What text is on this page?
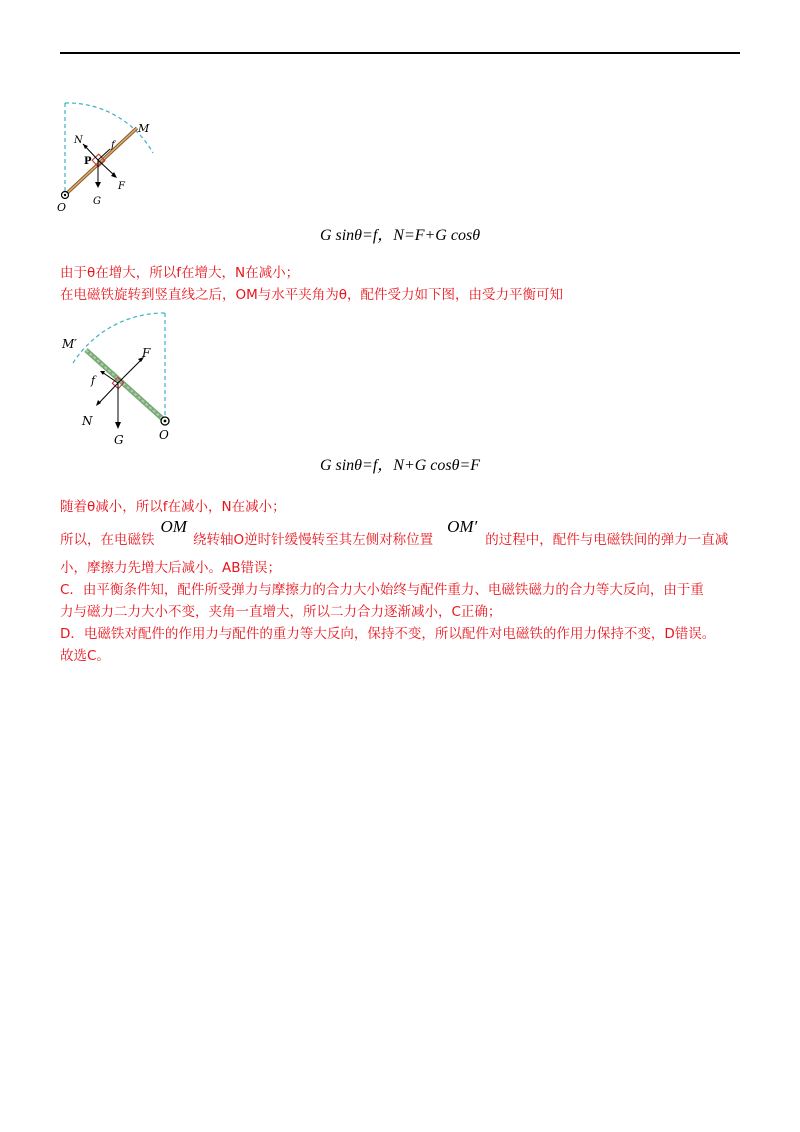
O
M
N	f
P
F
G
G sinθ=f，N=F+G cosθ
由于θ在增大，所以f在增大，N在减小；
在电磁铁旋转到竖直线之后，OM与水平夹角为θ，配件受力如下图，由受力平衡可知
M′
F
f
N
G	O
G sinθ=f，N+G cosθ=F
随着θ减小，所以f在减小，N在减小；
所以，在电磁铁OM绕转轴O逆时针缓慢转至其左侧对称位置OM′的过程中，配件与电磁铁间的弹力一直减
小，摩擦力先增大后减小。AB错误；
C．由平衡条件知，配件所受弹力与摩擦力的合力大小始终与配件重力、电磁铁磁力的合力等大反向，由于重
力与磁力二力大小不变，夹角一直增大，所以二力合力逐渐减小，C正确；
D．电磁铁对配件的作用力与配件的重力等大反向，保持不变，所以配件对电磁铁的作用力保持不变，D错误。
故选C。
